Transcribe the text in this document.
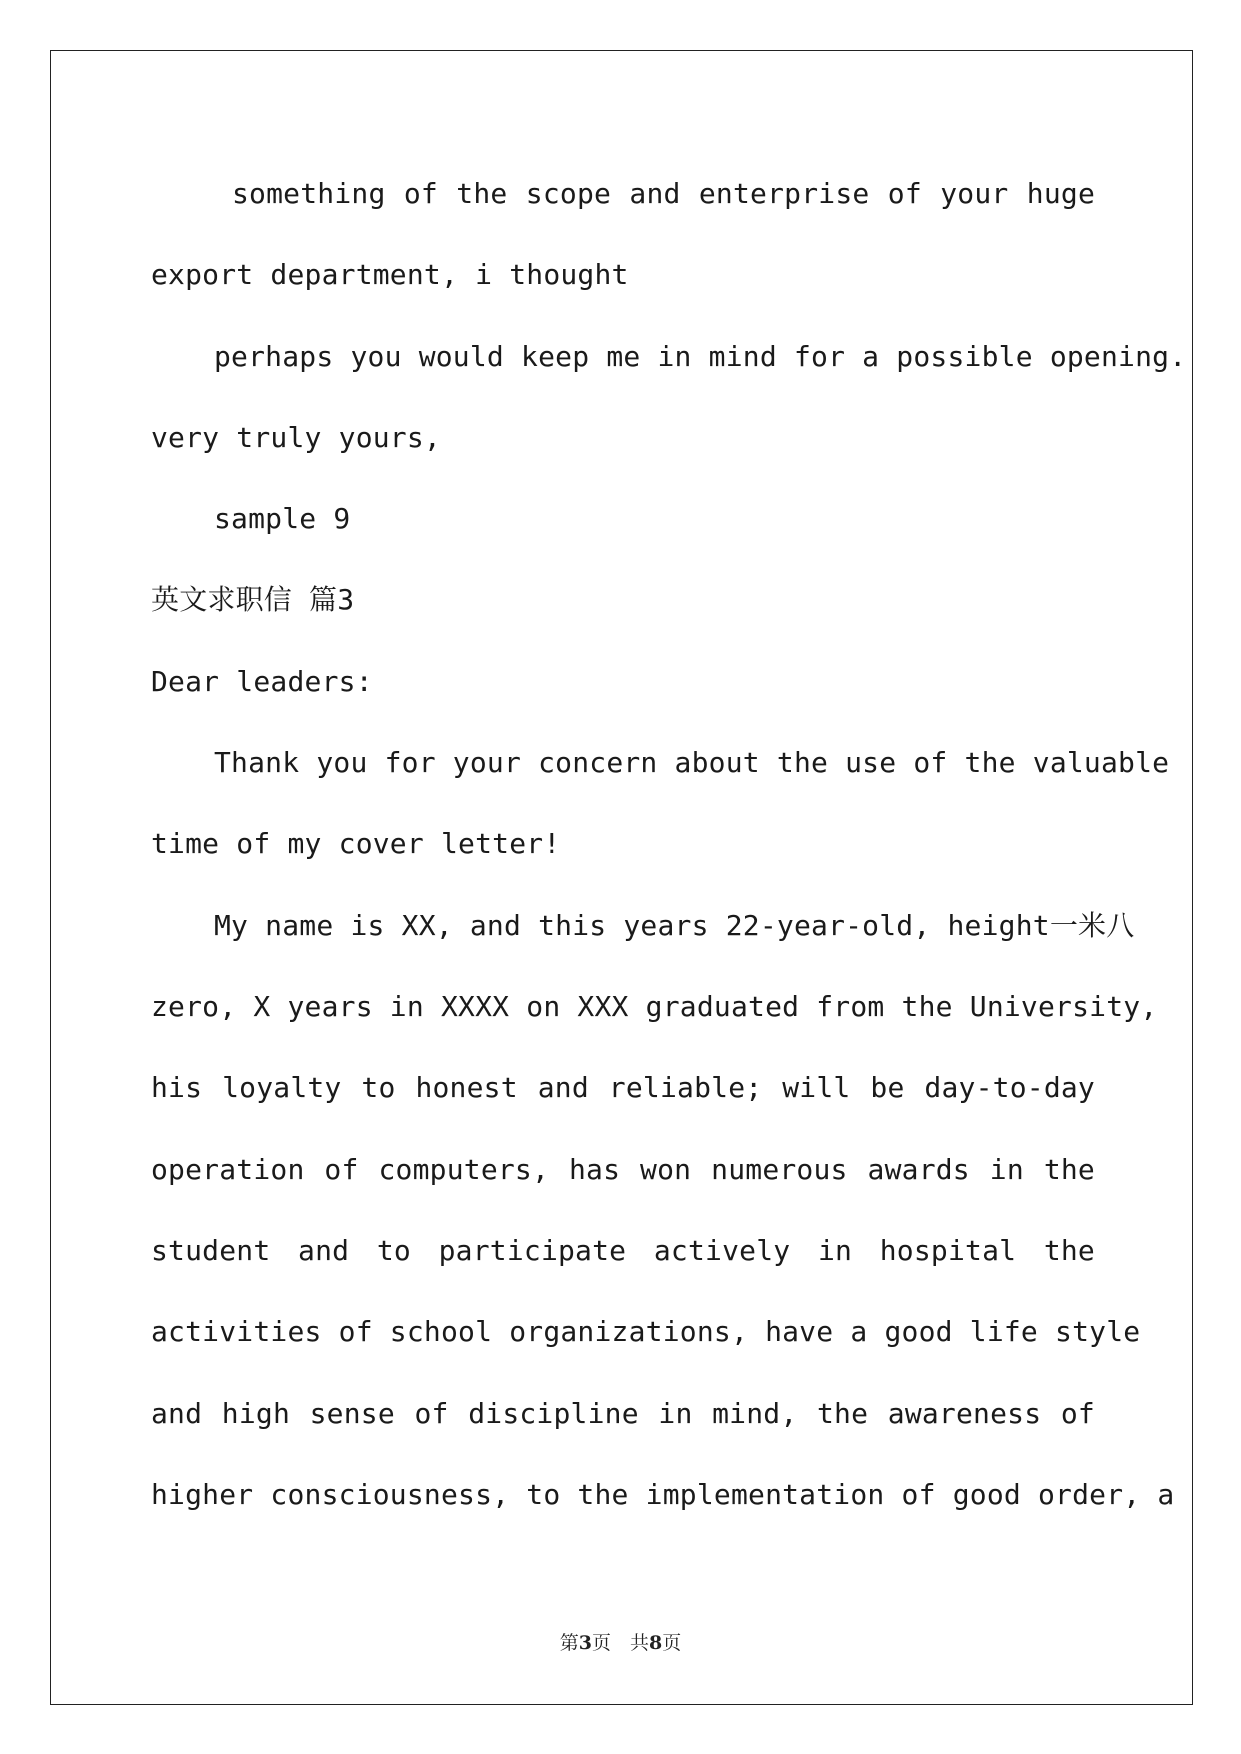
something of the scope and enterprise of your huge
export department, i thought
perhaps you would keep me in mind for a possible opening.
very truly yours,
sample 9
英文求职信 篇3
Dear leaders:
Thank you for your concern about the use of the valuable
time of my cover letter!
My name is XX, and this years 22-year-old, height一米八
zero, X years in XXXX on XXX graduated from the University,
his loyalty to honest and reliable; will be day-to-day
operation of computers, has won numerous awards in the
student and to participate actively in hospital the
activities of school organizations, have a good life style
and high sense of discipline in mind, the awareness of
higher consciousness, to the implementation of good order, a
第3页　共8页
